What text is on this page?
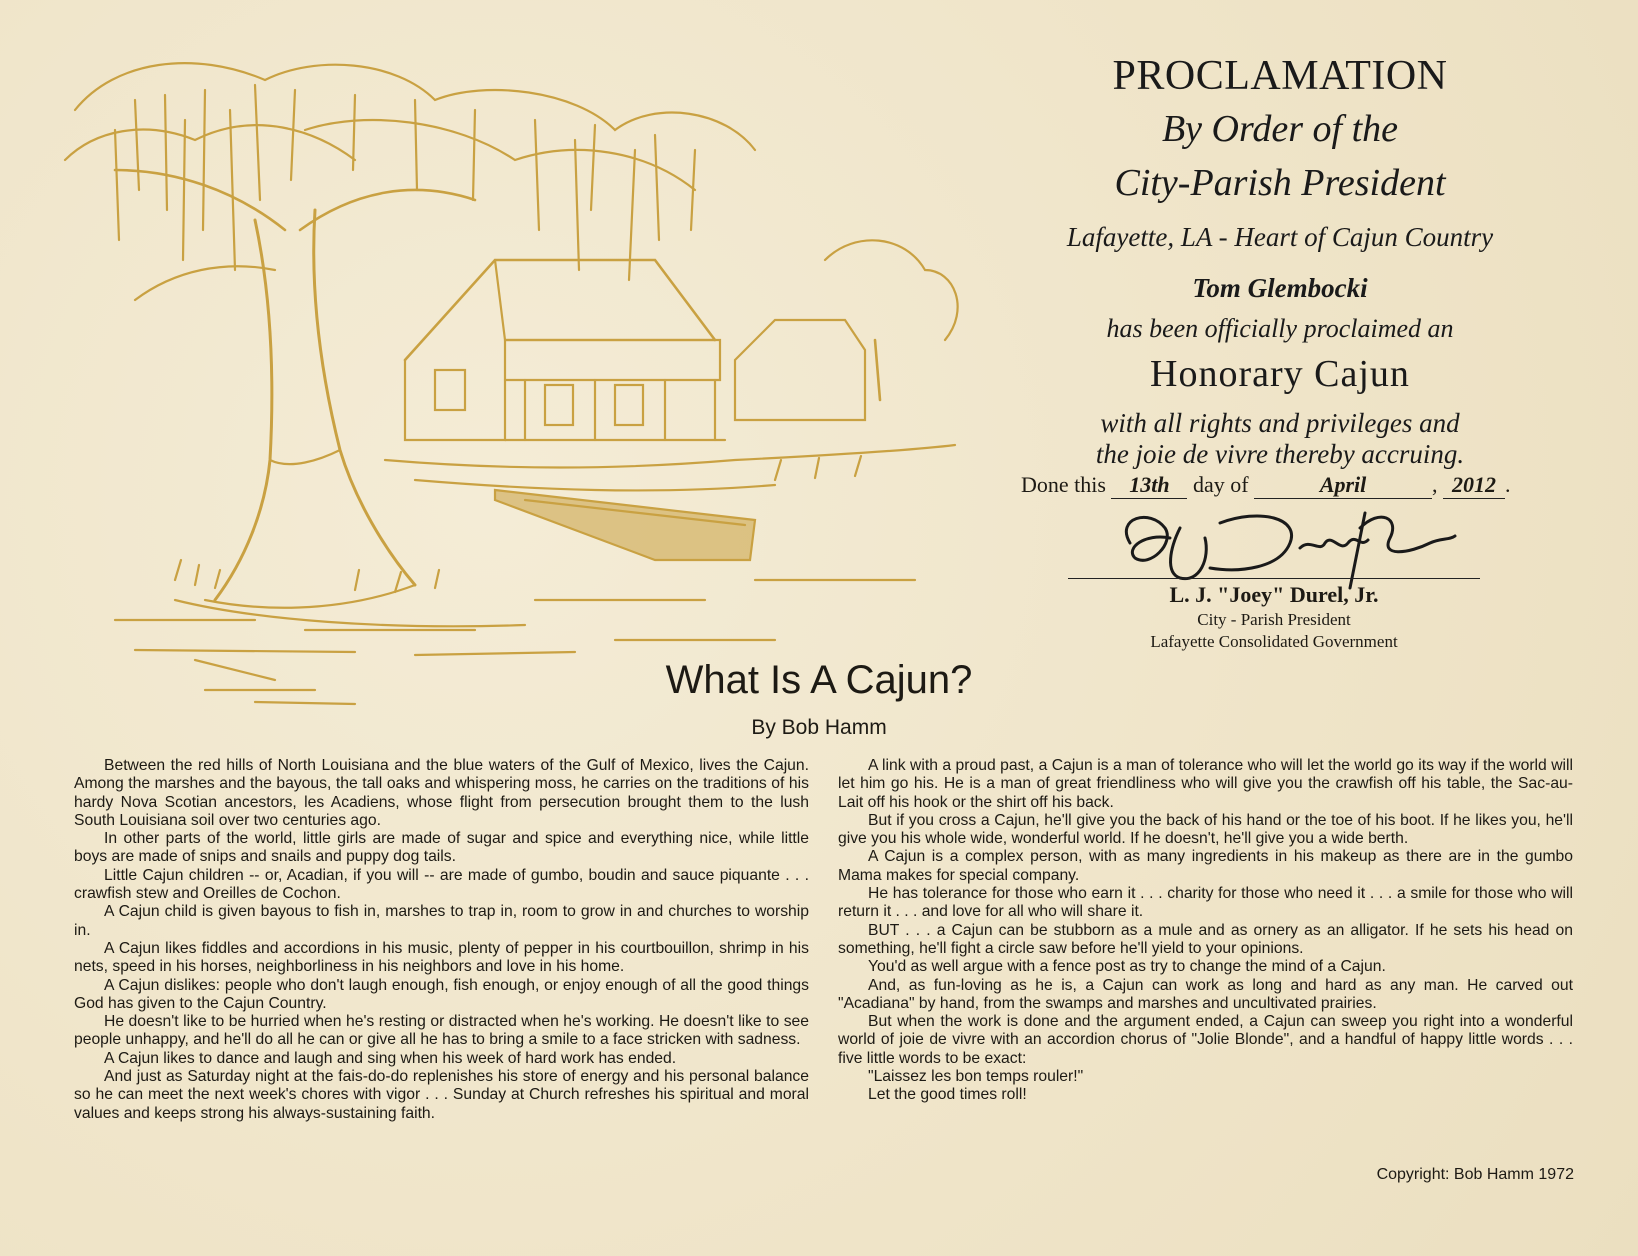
PROCLAMATION
By Order of the
City-Parish President
Lafayette, LA - Heart of Cajun Country
Tom Glembocki
has been officially proclaimed an
Honorary Cajun
with all rights and privileges and
the joie de vivre thereby accruing.
Done this 13th day of	April	, 2012 .
L. J. "Joey" Durel, Jr.
City - Parish President
Lafayette Consolidated Government
What Is A Cajun?
By Bob Hamm

Between the red hills of North Louisiana and the blue waters of the Gulf of Mexico, lives the Cajun. Among the marshes and the bayous, the tall oaks and whispering moss, he carries on the traditions of his hardy Nova Scotian ancestors, les Acadiens, whose flight from persecution brought them to the lush South Louisiana soil over two centuries ago.

In other parts of the world, little girls are made of sugar and spice and everything nice, while little boys are made of snips and snails and puppy dog tails.

Little Cajun children -- or, Acadian, if you will -- are made of gumbo, boudin and sauce piquante . . . crawfish stew and Oreilles de Cochon.

A Cajun child is given bayous to fish in, marshes to trap in, room to grow in and churches to worship in.

A Cajun likes fiddles and accordions in his music, plenty of pepper in his courtbouillon, shrimp in his nets, speed in his horses, neighborliness in his neighbors and love in his home.

A Cajun dislikes: people who don't laugh enough, fish enough, or enjoy enough of all the good things God has given to the Cajun Country.

He doesn't like to be hurried when he's resting or distracted when he's working. He doesn't like to see people unhappy, and he'll do all he can or give all he has to bring a smile to a face stricken with sadness.

A Cajun likes to dance and laugh and sing when his week of hard work has ended.

And just as Saturday night at the fais-do-do replenishes his store of energy and his personal balance so he can meet the next week's chores with vigor . . . Sunday at Church refreshes his spiritual and moral values and keeps strong his always-sustaining faith.

A link with a proud past, a Cajun is a man of tolerance who will let the world go its way if the world will let him go his. He is a man of great friendliness who will give you the crawfish off his table, the Sac-au-Lait off his hook or the shirt off his back.

But if you cross a Cajun, he'll give you the back of his hand or the toe of his boot. If he likes you, he'll give you his whole wide, wonderful world. If he doesn't, he'll give you a wide berth.

A Cajun is a complex person, with as many ingredients in his makeup as there are in the gumbo Mama makes for special company.

He has tolerance for those who earn it . . . charity for those who need it . . . a smile for those who will return it . . . and love for all who will share it.

BUT . . . a Cajun can be stubborn as a mule and as ornery as an alligator. If he sets his head on something, he'll fight a circle saw before he'll yield to your opinions.

You'd as well argue with a fence post as try to change the mind of a Cajun.

And, as fun-loving as he is, a Cajun can work as long and hard as any man. He carved out "Acadiana" by hand, from the swamps and marshes and uncultivated prairies.

But when the work is done and the argument ended, a Cajun can sweep you right into a wonderful world of joie de vivre with an accordion chorus of "Jolie Blonde", and a handful of happy little words . . . five little words to be exact:

"Laissez les bon temps rouler!"

Let the good times roll!

Copyright: Bob Hamm 1972
